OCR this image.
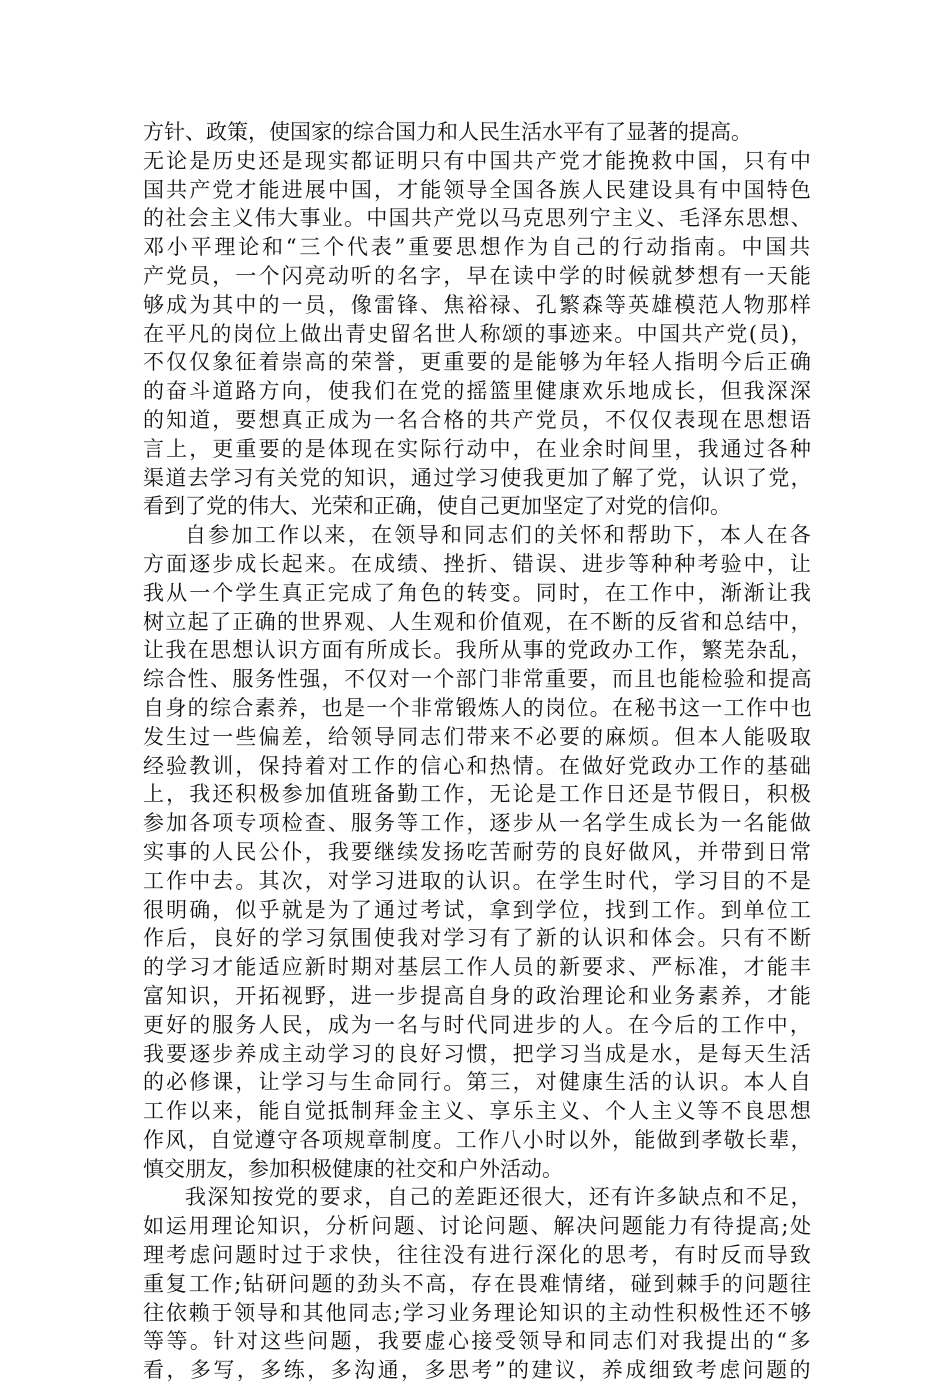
方针、政策，使国家的综合国力和人民生活水平有了显著的提高。
无论是历史还是现实都证明只有中国共产党才能挽救中国，只有中
国共产党才能进展中国，才能领导全国各族人民建设具有中国特色
的社会主义伟大事业。中国共产党以马克思列宁主义、毛泽东思想、
邓小平理论和“三个代表”重要思想作为自己的行动指南。中国共
产党员，一个闪亮动听的名字，早在读中学的时候就梦想有一天能
够成为其中的一员，像雷锋、焦裕禄、孔繁森等英雄模范人物那样
在平凡的岗位上做出青史留名世人称颂的事迹来。中国共产党(员)，
不仅仅象征着崇高的荣誉，更重要的是能够为年轻人指明今后正确
的奋斗道路方向，使我们在党的摇篮里健康欢乐地成长，但我深深
的知道，要想真正成为一名合格的共产党员，不仅仅表现在思想语
言上，更重要的是体现在实际行动中，在业余时间里，我通过各种
渠道去学习有关党的知识，通过学习使我更加了解了党，认识了党，
看到了党的伟大、光荣和正确，使自己更加坚定了对党的信仰。
自参加工作以来，在领导和同志们的关怀和帮助下，本人在各
方面逐步成长起来。在成绩、挫折、错误、进步等种种考验中，让
我从一个学生真正完成了角色的转变。同时，在工作中，渐渐让我
树立起了正确的世界观、人生观和价值观，在不断的反省和总结中，
让我在思想认识方面有所成长。我所从事的党政办工作，繁芜杂乱，
综合性、服务性强，不仅对一个部门非常重要，而且也能检验和提高
自身的综合素养，也是一个非常锻炼人的岗位。在秘书这一工作中也
发生过一些偏差，给领导同志们带来不必要的麻烦。但本人能吸取
经验教训，保持着对工作的信心和热情。在做好党政办工作的基础
上，我还积极参加值班备勤工作，无论是工作日还是节假日，积极
参加各项专项检查、服务等工作，逐步从一名学生成长为一名能做
实事的人民公仆，我要继续发扬吃苦耐劳的良好做风，并带到日常
工作中去。其次，对学习进取的认识。在学生时代，学习目的不是
很明确，似乎就是为了通过考试，拿到学位，找到工作。到单位工
作后，良好的学习氛围使我对学习有了新的认识和体会。只有不断
的学习才能适应新时期对基层工作人员的新要求、严标准，才能丰
富知识，开拓视野，进一步提高自身的政治理论和业务素养，才能
更好的服务人民，成为一名与时代同进步的人。在今后的工作中，
我要逐步养成主动学习的良好习惯，把学习当成是水，是每天生活
的必修课，让学习与生命同行。第三，对健康生活的认识。本人自
工作以来，能自觉抵制拜金主义、享乐主义、个人主义等不良思想
作风，自觉遵守各项规章制度。工作八小时以外，能做到孝敬长辈，
慎交朋友，参加积极健康的社交和户外活动。
我深知按党的要求，自己的差距还很大，还有许多缺点和不足，
如运用理论知识，分析问题、讨论问题、解决问题能力有待提高;处
理考虑问题时过于求快，往往没有进行深化的思考，有时反而导致
重复工作;钻研问题的劲头不高，存在畏难情绪，碰到棘手的问题往
往依赖于领导和其他同志;学习业务理论知识的主动性积极性还不够
等等。针对这些问题，我要虚心接受领导和同志们对我提出的“多
看，多写，多练，多沟通，多思考”的建议，养成细致考虑问题的
